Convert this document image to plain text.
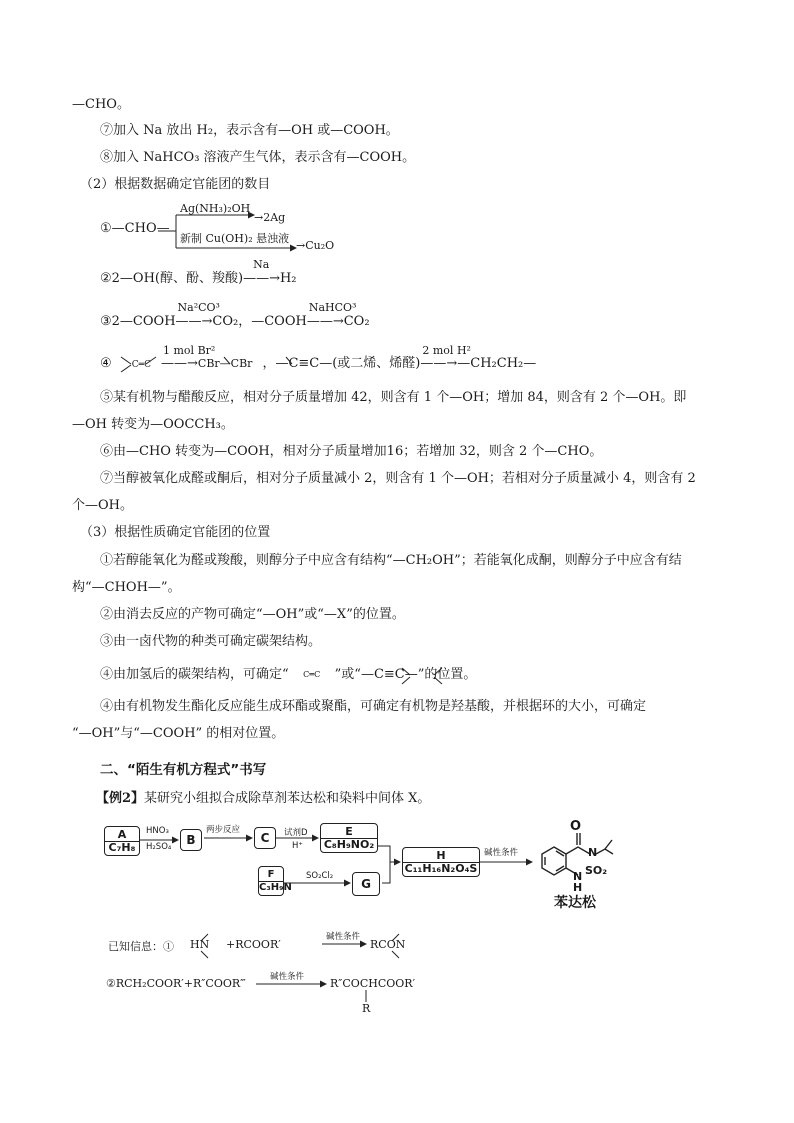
—CHO。
⑦加入 Na 放出 H₂，表示含有—OH 或—COOH。
⑧加入 NaHCO₃ 溶液产生气体，表示含有—COOH。
（2）根据数据确定官能团的数目
①—CHO—
Ag(NH₃)₂OH
→2Ag
新制 Cu(OH)₂ 悬浊液
→Cu₂O
②2—OH(醇、酚、羧酸)
Na
——→H₂
③2—COOH
Na²CO³
——→CO₂，—COOH
NaHCO³
——→CO₂
④ C═C
1 mol Br²
——→CBr—CBr ，—C≡C—(或二烯、烯醛)
2 mol H²
——→—CH₂CH₂—
⑤某有机物与醋酸反应，相对分子质量增加 42，则含有 1 个—OH；增加 84，则含有 2 个—OH。即
—OH 转变为—OOCCH₃。
⑥由—CHO 转变为—COOH，相对分子质量增加16；若增加 32，则含 2 个—CHO。
⑦当醇被氧化成醛或酮后，相对分子质量减小 2，则含有 1 个—OH；若相对分子质量减小 4，则含有 2
个—OH。
（3）根据性质确定官能团的位置
①若醇能氧化为醛或羧酸，则醇分子中应含有结构“—CH₂OH”；若能氧化成酮，则醇分子中应含有结
构“—CHOH—”。
②由消去反应的产物可确定“—OH”或“—X”的位置。
③由一卤代物的种类可确定碳架结构。
④由加氢后的碳架结构，可确定“ C═C ”或“—C≡C—”的位置。
④由有机物发生酯化反应能生成环酯或聚酯，可确定有机物是羟基酸，并根据环的大小，可确定
“—OH”与“—COOH” 的相对位置。
二、“陌生有机方程式”书写
【例2】某研究小组拟合成除草剂苯达松和染料中间体 X。
A
C₇H₈
HNO₃
H₂SO₄	B
两步反应
C	试剂D
H⁺
E
C₈H₉NO₂
F
C₃H₉N
SO₂Cl₂
G
H
C₁₁H₁₆N₂O₄S
碱性条件
O
N
SO₂
N
H
苯达松
已知信息：① HN +RCOOR′
碱性条件
RCON
②RCH₂COOR′+R″COOR‴	碱性条件 R″COCHCOOR′
R
